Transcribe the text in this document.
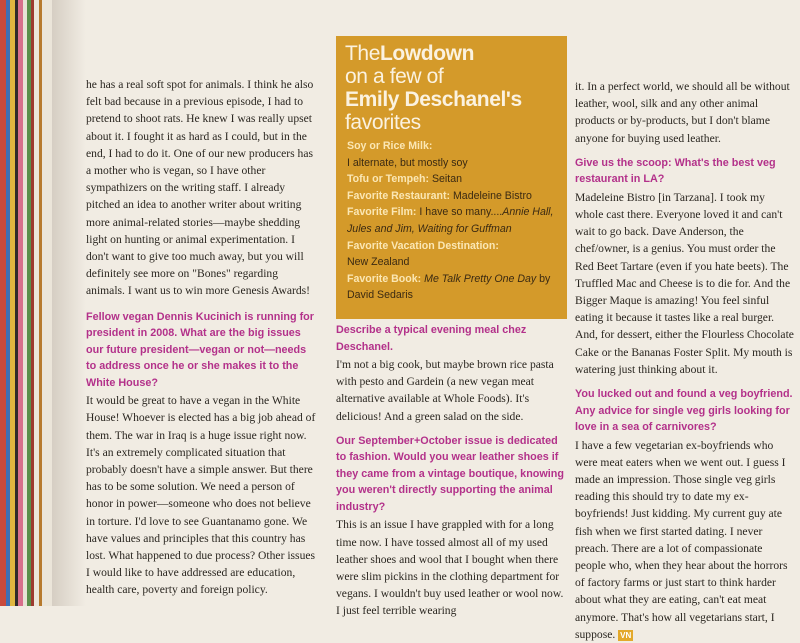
he has a real soft spot for animals. I think he also felt bad because in a previous episode, I had to pretend to shoot rats. He knew I was really upset about it. I fought it as hard as I could, but in the end, I had to do it. One of our new producers has a mother who is vegan, so I have other sympathizers on the writing staff. I already pitched an idea to another writer about writing more animal-related stories—maybe shedding light on hunting or animal experimentation. I don't want to give too much away, but you will definitely see more on "Bones" regarding animals. I want us to win more Genesis Awards!

Fellow vegan Dennis Kucinich is running for president in 2008. What are the big issues our future president—vegan or not—needs to address once he or she makes it to the White House?

It would be great to have a vegan in the White House! Whoever is elected has a big job ahead of them. The war in Iraq is a huge issue right now. It's an extremely complicated situation that probably doesn't have a simple answer. But there has to be some solution. We need a person of honor in power—someone who does not believe in torture. I'd love to see Guantanamo gone. We have values and principles that this country has lost. What happened to due process? Other issues I would like to have addressed are education, health care, poverty and foreign policy.

TheLowdown
on a few of
Emily Deschanel's
favorites
Soy or Rice Milk:
I alternate, but mostly soy
Tofu or Tempeh: Seitan
Favorite Restaurant: Madeleine Bistro
Favorite Film: I have so many....Annie Hall, Jules and Jim, Waiting for Guffman
Favorite Vacation Destination:
New Zealand
Favorite Book: Me Talk Pretty One Day by David Sedaris

Describe a typical evening meal chez Deschanel.

I'm not a big cook, but maybe brown rice pasta with pesto and Gardein (a new vegan meat alternative available at Whole Foods). It's delicious! And a green salad on the side.

Our September+October issue is dedicated to fashion. Would you wear leather shoes if they came from a vintage boutique, knowing you weren't directly supporting the animal industry?

This is an issue I have grappled with for a long time now. I have tossed almost all of my used leather shoes and wool that I bought when there were slim pickins in the clothing department for vegans. I wouldn't buy used leather or wool now. I just feel terrible wearing

it. In a perfect world, we should all be without leather, wool, silk and any other animal products or by-products, but I don't blame anyone for buying used leather.

Give us the scoop: What's the best veg restaurant in LA?

Madeleine Bistro [in Tarzana]. I took my whole cast there. Everyone loved it and can't wait to go back. Dave Anderson, the chef/owner, is a genius. You must order the Red Beet Tartare (even if you hate beets). The Truffled Mac and Cheese is to die for. And the Bigger Maque is amazing! You feel sinful eating it because it tastes like a real burger. And, for dessert, either the Flourless Chocolate Cake or the Bananas Foster Split. My mouth is watering just thinking about it.

You lucked out and found a veg boyfriend. Any advice for single veg girls looking for love in a sea of carnivores?

I have a few vegetarian ex-boyfriends who were meat eaters when we went out. I guess I made an impression. Those single veg girls reading this should try to date my ex-boyfriends! Just kidding. My current guy ate fish when we first started dating. I never preach. There are a lot of compassionate people who, when they hear about the horrors of factory farms or just start to think harder about what they are eating, can't eat meat anymore. That's how all vegetarians start, I suppose. VN
